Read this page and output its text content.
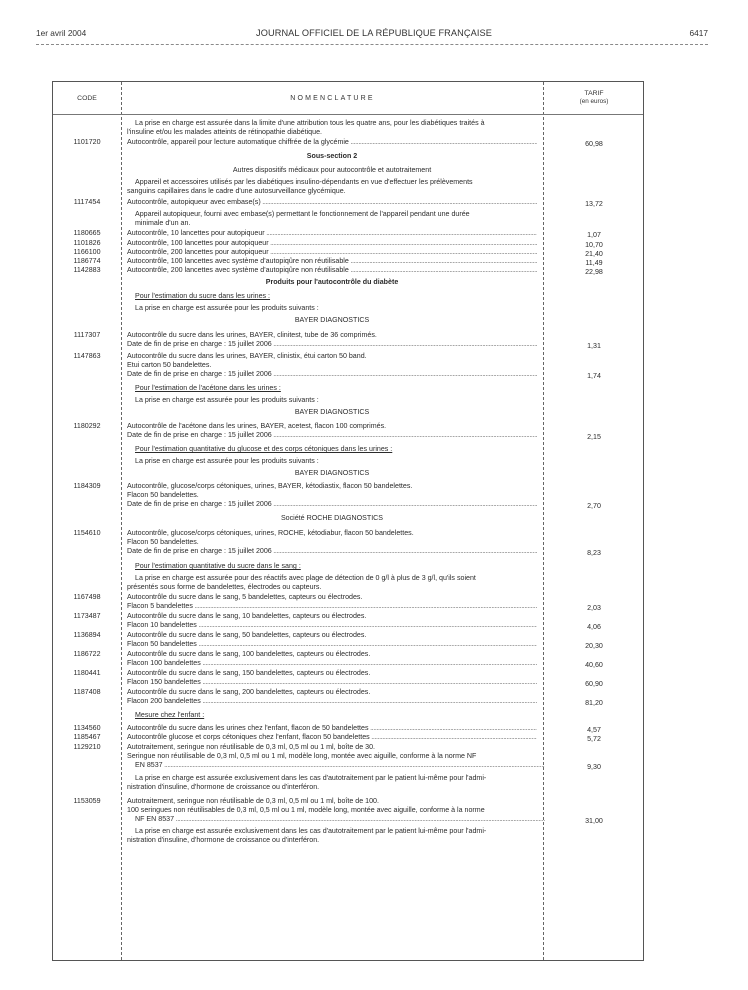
1er avril 2004	JOURNAL OFFICIEL DE LA RÉPUBLIQUE FRANÇAISE	6417
CODE	NOMENCLATURE
TARIF
(en euros)
La prise en charge est assurée dans la limite d'une attribution tous les quatre ans, pour les diabétiques traités à
l'insuline et/ou les malades atteints de rétinopathie diabétique.
1101720	Autocontrôle, appareil pour lecture automatique chiffrée de la glycémie .....	60,98
Sous-section 2
Autres dispositifs médicaux pour autocontrôle et autotraitement
Appareil et accessoires utilisés par les diabétiques insulino-dépendants en vue d'effectuer les prélèvements
sanguins capillaires dans le cadre d'une autosurveillance glycémique.
1117454	Autocontrôle, autopiqueur avec embase(s) .....	13,72
Appareil autopiqueur, fourni avec embase(s) permettant le fonctionnement de l'appareil pendant une durée
minimale d'un an.
1180665	Autocontrôle, 10 lancettes pour autopiqueur .....	1,07
1101826	Autocontrôle, 100 lancettes pour autopiqueur .....	10,70
1166100	Autocontrôle, 200 lancettes pour autopiqueur .....	21,40
1186774	Autocontrôle, 100 lancettes avec système d'autopiqûre non réutilisable .....	11,49
1142883	Autocontrôle, 200 lancettes avec système d'autopiqûre non réutilisable .....	22,98
Produits pour l'autocontrôle du diabète
Pour l'estimation du sucre dans les urines :
La prise en charge est assurée pour les produits suivants :
BAYER DIAGNOSTICS
1117307	Autocontrôle du sucre dans les urines, BAYER, clinitest, tube de 36 comprimés.
Date de fin de prise en charge : 15 juillet 2006 .....	1,31
1147863	Autocontrôle du sucre dans les urines, BAYER, clinistix, étui carton 50 band.
Etui carton 50 bandelettes.
Date de fin de prise en charge : 15 juillet 2006 .....	1,74
Pour l'estimation de l'acétone dans les urines :
La prise en charge est assurée pour les produits suivants :
BAYER DIAGNOSTICS
1180292	Autocontrôle de l'acétone dans les urines, BAYER, acetest, flacon 100 comprimés.
Date de fin de prise en charge : 15 juillet 2006 .....	2,15
Pour l'estimation quantitative du glucose et des corps cétoniques dans les urines :
La prise en charge est assurée pour les produits suivants :
BAYER DIAGNOSTICS
1184309	Autocontrôle, glucose/corps cétoniques, urines, BAYER, kétodiastix, flacon 50 bandelettes.
Flacon 50 bandelettes.
Date de fin de prise en charge : 15 juillet 2006 .....	2,70
Société ROCHE DIAGNOSTICS
1154610	Autocontrôle, glucose/corps cétoniques, urines, ROCHE, kétodiabur, flacon 50 bandelettes.
Flacon 50 bandelettes.
Date de fin de prise en charge : 15 juillet 2006 .....	8,23
Pour l'estimation quantitative du sucre dans le sang :
La prise en charge est assurée pour des réactifs avec plage de détection de 0 g/l à plus de 3 g/l, qu'ils soient
présentés sous forme de bandelettes, électrodes ou capteurs.
1167498	Autocontrôle du sucre dans le sang, 5 bandelettes, capteurs ou électrodes.
Flacon 5 bandelettes .....	2,03
1173487	Autocontrôle du sucre dans le sang, 10 bandelettes, capteurs ou électrodes.
Flacon 10 bandelettes .....	4,06
1136894	Autocontrôle du sucre dans le sang, 50 bandelettes, capteurs ou électrodes.
Flacon 50 bandelettes .....	20,30
1186722	Autocontrôle du sucre dans le sang, 100 bandelettes, capteurs ou électrodes.
Flacon 100 bandelettes .....	40,60
1180441	Autocontrôle du sucre dans le sang, 150 bandelettes, capteurs ou électrodes.
Flacon 150 bandelettes .....	60,90
1187408	Autocontrôle du sucre dans le sang, 200 bandelettes, capteurs ou électrodes.
Flacon 200 bandelettes .....	81,20
Mesure chez l'enfant :
1134560	Autocontrôle du sucre dans les urines chez l'enfant, flacon de 50 bandelettes .....	4,57
1185467	Autocontrôle glucose et corps cétoniques chez l'enfant, flacon 50 bandelettes .....	5,72
1129210	Autotraitement, seringue non réutilisable de 0,3 ml, 0,5 ml ou 1 ml, boîte de 30.
Seringue non réutilisable de 0,3 ml, 0,5 ml ou 1 ml, modèle long, montée avec aiguille, conforme à la norme NF
EN 8537 .....	9,30
La prise en charge est assurée exclusivement dans les cas d'autotraitement par le patient lui-même pour l'admi-
nistration d'insuline, d'hormone de croissance ou d'interféron.
1153059	Autotraitement, seringue non réutilisable de 0,3 ml, 0,5 ml ou 1 ml, boîte de 100.
100 seringues non réutilisables de 0,3 ml, 0,5 ml ou 1 ml, modèle long, montée avec aiguille, conforme à la norme
NF EN 8537 .....	31,00
La prise en charge est assurée exclusivement dans les cas d'autotraitement par le patient lui-même pour l'admi-
nistration d'insuline, d'hormone de croissance ou d'interféron.
